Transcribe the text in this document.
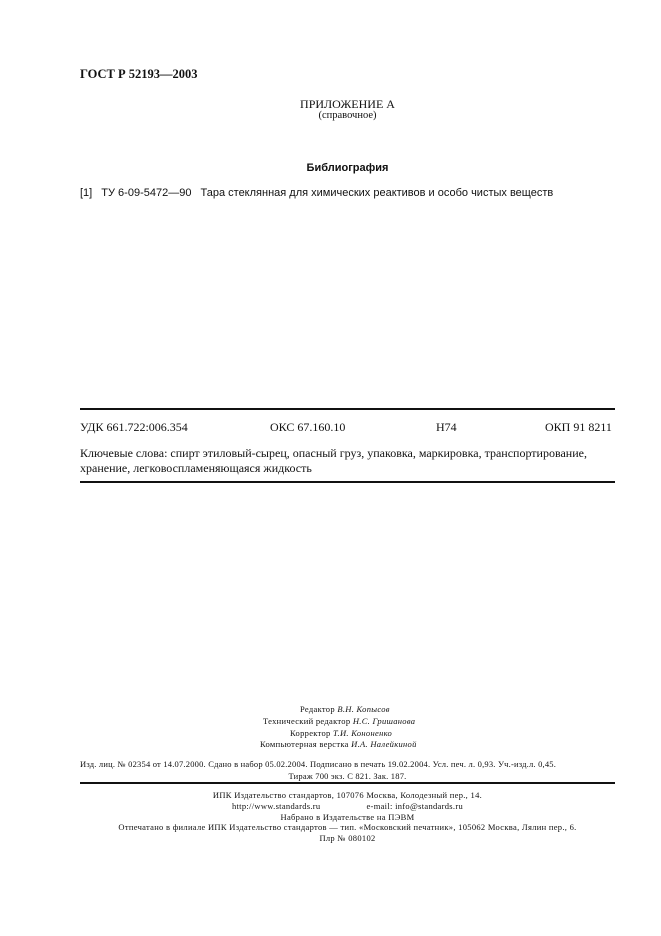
ГОСТ Р 52193—2003
ПРИЛОЖЕНИЕ А
(справочное)
Библиография
[1] ТУ 6-09-5472—90 Тара стеклянная для химических реактивов и особо чистых веществ
УДК 661.722:006.354	ОКС 67.160.10	Н74	ОКП 91 8211
Ключевые слова: спирт этиловый-сырец, опасный груз, упаковка, маркировка, транспортирование, хранение, легковоспламеняющаяся жидкость
Редактор В.Н. Копысов
Технический редактор Н.С. Гришанова
Корректор Т.И. Кононенко
Компьютерная верстка И.А. Налейкиной
Изд. лиц. № 02354 от 14.07.2000. Сдано в набор 05.02.2004. Подписано в печать 19.02.2004. Усл. печ. л. 0,93. Уч.-изд.л. 0,45.
Тираж 700 экз. С 821. Зак. 187.
ИПК Издательство стандартов, 107076 Москва, Колодезный пер., 14.
http://www.standards.ru	e-mail: info@standards.ru
Набрано в Издательстве на ПЭВМ
Отпечатано в филиале ИПК Издательство стандартов — тип. «Московский печатник», 105062 Москва, Лялин пер., 6.
Плр № 080102
